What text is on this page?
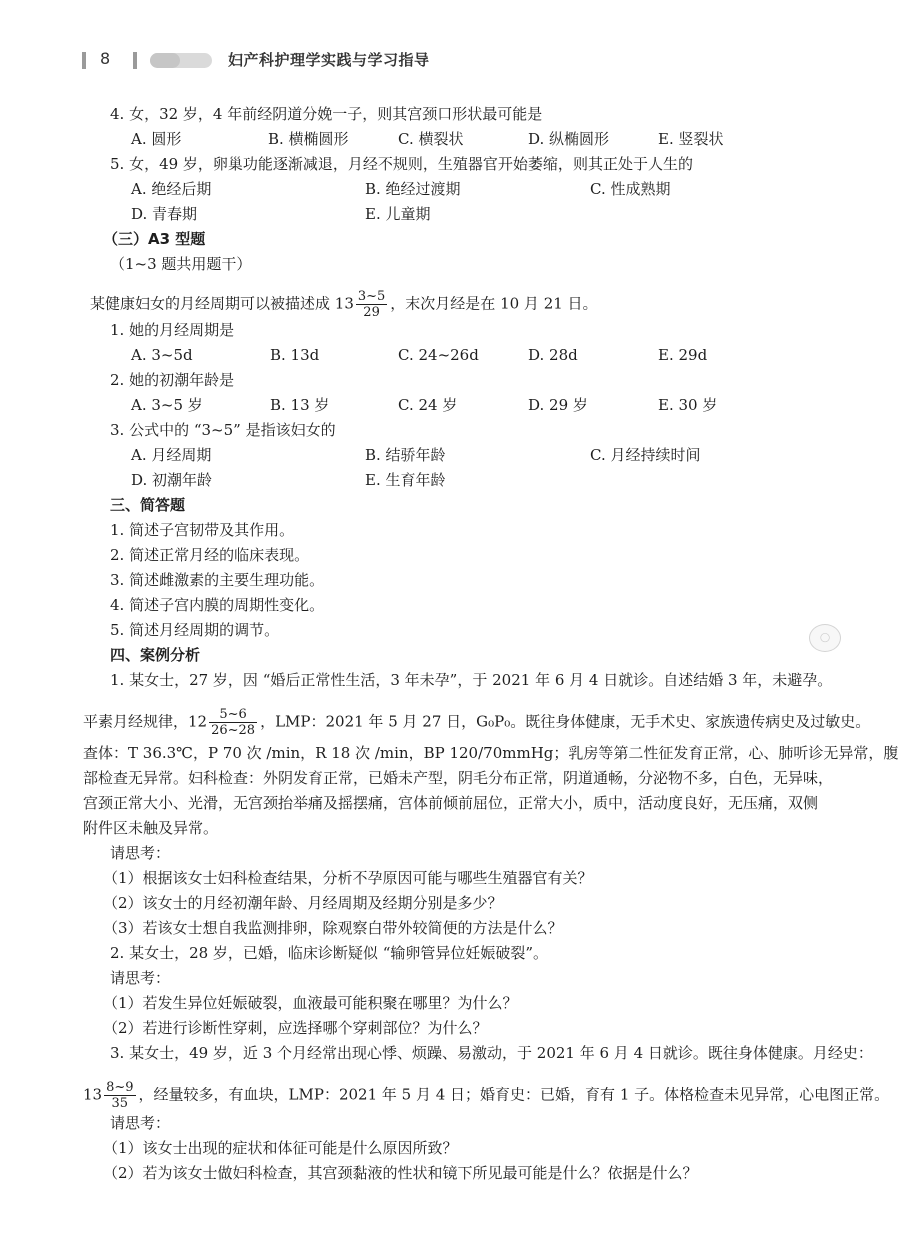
8	妇产科护理学实践与学习指导
4. 女，32 岁，4 年前经阴道分娩一子，则其宫颈口形状最可能是
A. 圆形	B. 横椭圆形	C. 横裂状	D. 纵椭圆形	E. 竖裂状
5. 女，49 岁，卵巢功能逐渐减退，月经不规则，生殖器官开始萎缩，则其正处于人生的
A. 绝经后期	B. 绝经过渡期	C. 性成熟期
D. 青春期	E. 儿童期
（三）A3 型题
（1~3 题共用题干）
某健康妇女的月经周期可以被描述成 $13 \frac{3\sim 5}{29}$ ，末次月经是在 10 月 21 日。
1. 她的月经周期是
A. 3~5d	B. 13d	C. 24~26d	D. 28d	E. 29d
2. 她的初潮年龄是
A. 3~5 岁	B. 13 岁	C. 24 岁	D. 29 岁	E. 30 岁
3. 公式中的 “3~5” 是指该妇女的
A. 月经周期	B. 结骄年龄	C. 月经持续时间
D. 初潮年龄	E. 生育年龄
三、简答题
1. 简述子宫韧带及其作用。
2. 简述正常月经的临床表现。
3. 简述雌激素的主要生理功能。
4. 简述子宫内膜的周期性变化。
5. 简述月经周期的调节。
四、案例分析
1. 某女士，27 岁，因 “婚后正常性生活，3 年未孕”，于 2021 年 6 月 4 日就诊。自述结婚 3 年，未避孕。
平素月经规律，$12 \frac{5\sim 6}{26\sim 28}$ ，LMP：2021 年 5 月 27 日，G₀P₀。既往身体健康，无手术史、家族遗传病史及过敏史。
查体：T 36.3℃，P 70 次 /min，R 18 次 /min，BP 120/70mmHg；乳房等第二性征发育正常，心、肺听诊无异常，腹
部检查无异常。妇科检查：外阴发育正常，已婚未产型，阴毛分布正常，阴道通畅，分泌物不多，白色，无异味，
宫颈正常大小、光滑，无宫颈抬举痛及摇摆痛，宫体前倾前屈位，正常大小，质中，活动度良好，无压痛，双侧
附件区未触及异常。
请思考：
（1）根据该女士妇科检查结果，分析不孕原因可能与哪些生殖器官有关？
（2）该女士的月经初潮年龄、月经周期及经期分别是多少？
（3）若该女士想自我监测排卵，除观察白带外较简便的方法是什么？
2. 某女士，28 岁，已婚，临床诊断疑似 “输卵管异位妊娠破裂”。
请思考：
（1）若发生异位妊娠破裂，血液最可能积聚在哪里？为什么？
（2）若进行诊断性穿刺，应选择哪个穿刺部位？为什么？
3. 某女士，49 岁，近 3 个月经常出现心悸、烦躁、易激动，于 2021 年 6 月 4 日就诊。既往身体健康。月经史：
$13 \frac{8\sim 9}{35}$ ，经量较多，有血块，LMP：2021 年 5 月 4 日；婚育史：已婚，育有 1 子。体格检查未见异常，心电图正常。
请思考：
（1）该女士出现的症状和体征可能是什么原因所致？
（2）若为该女士做妇科检查，其宫颈黏液的性状和镜下所见最可能是什么？依据是什么？
◯
